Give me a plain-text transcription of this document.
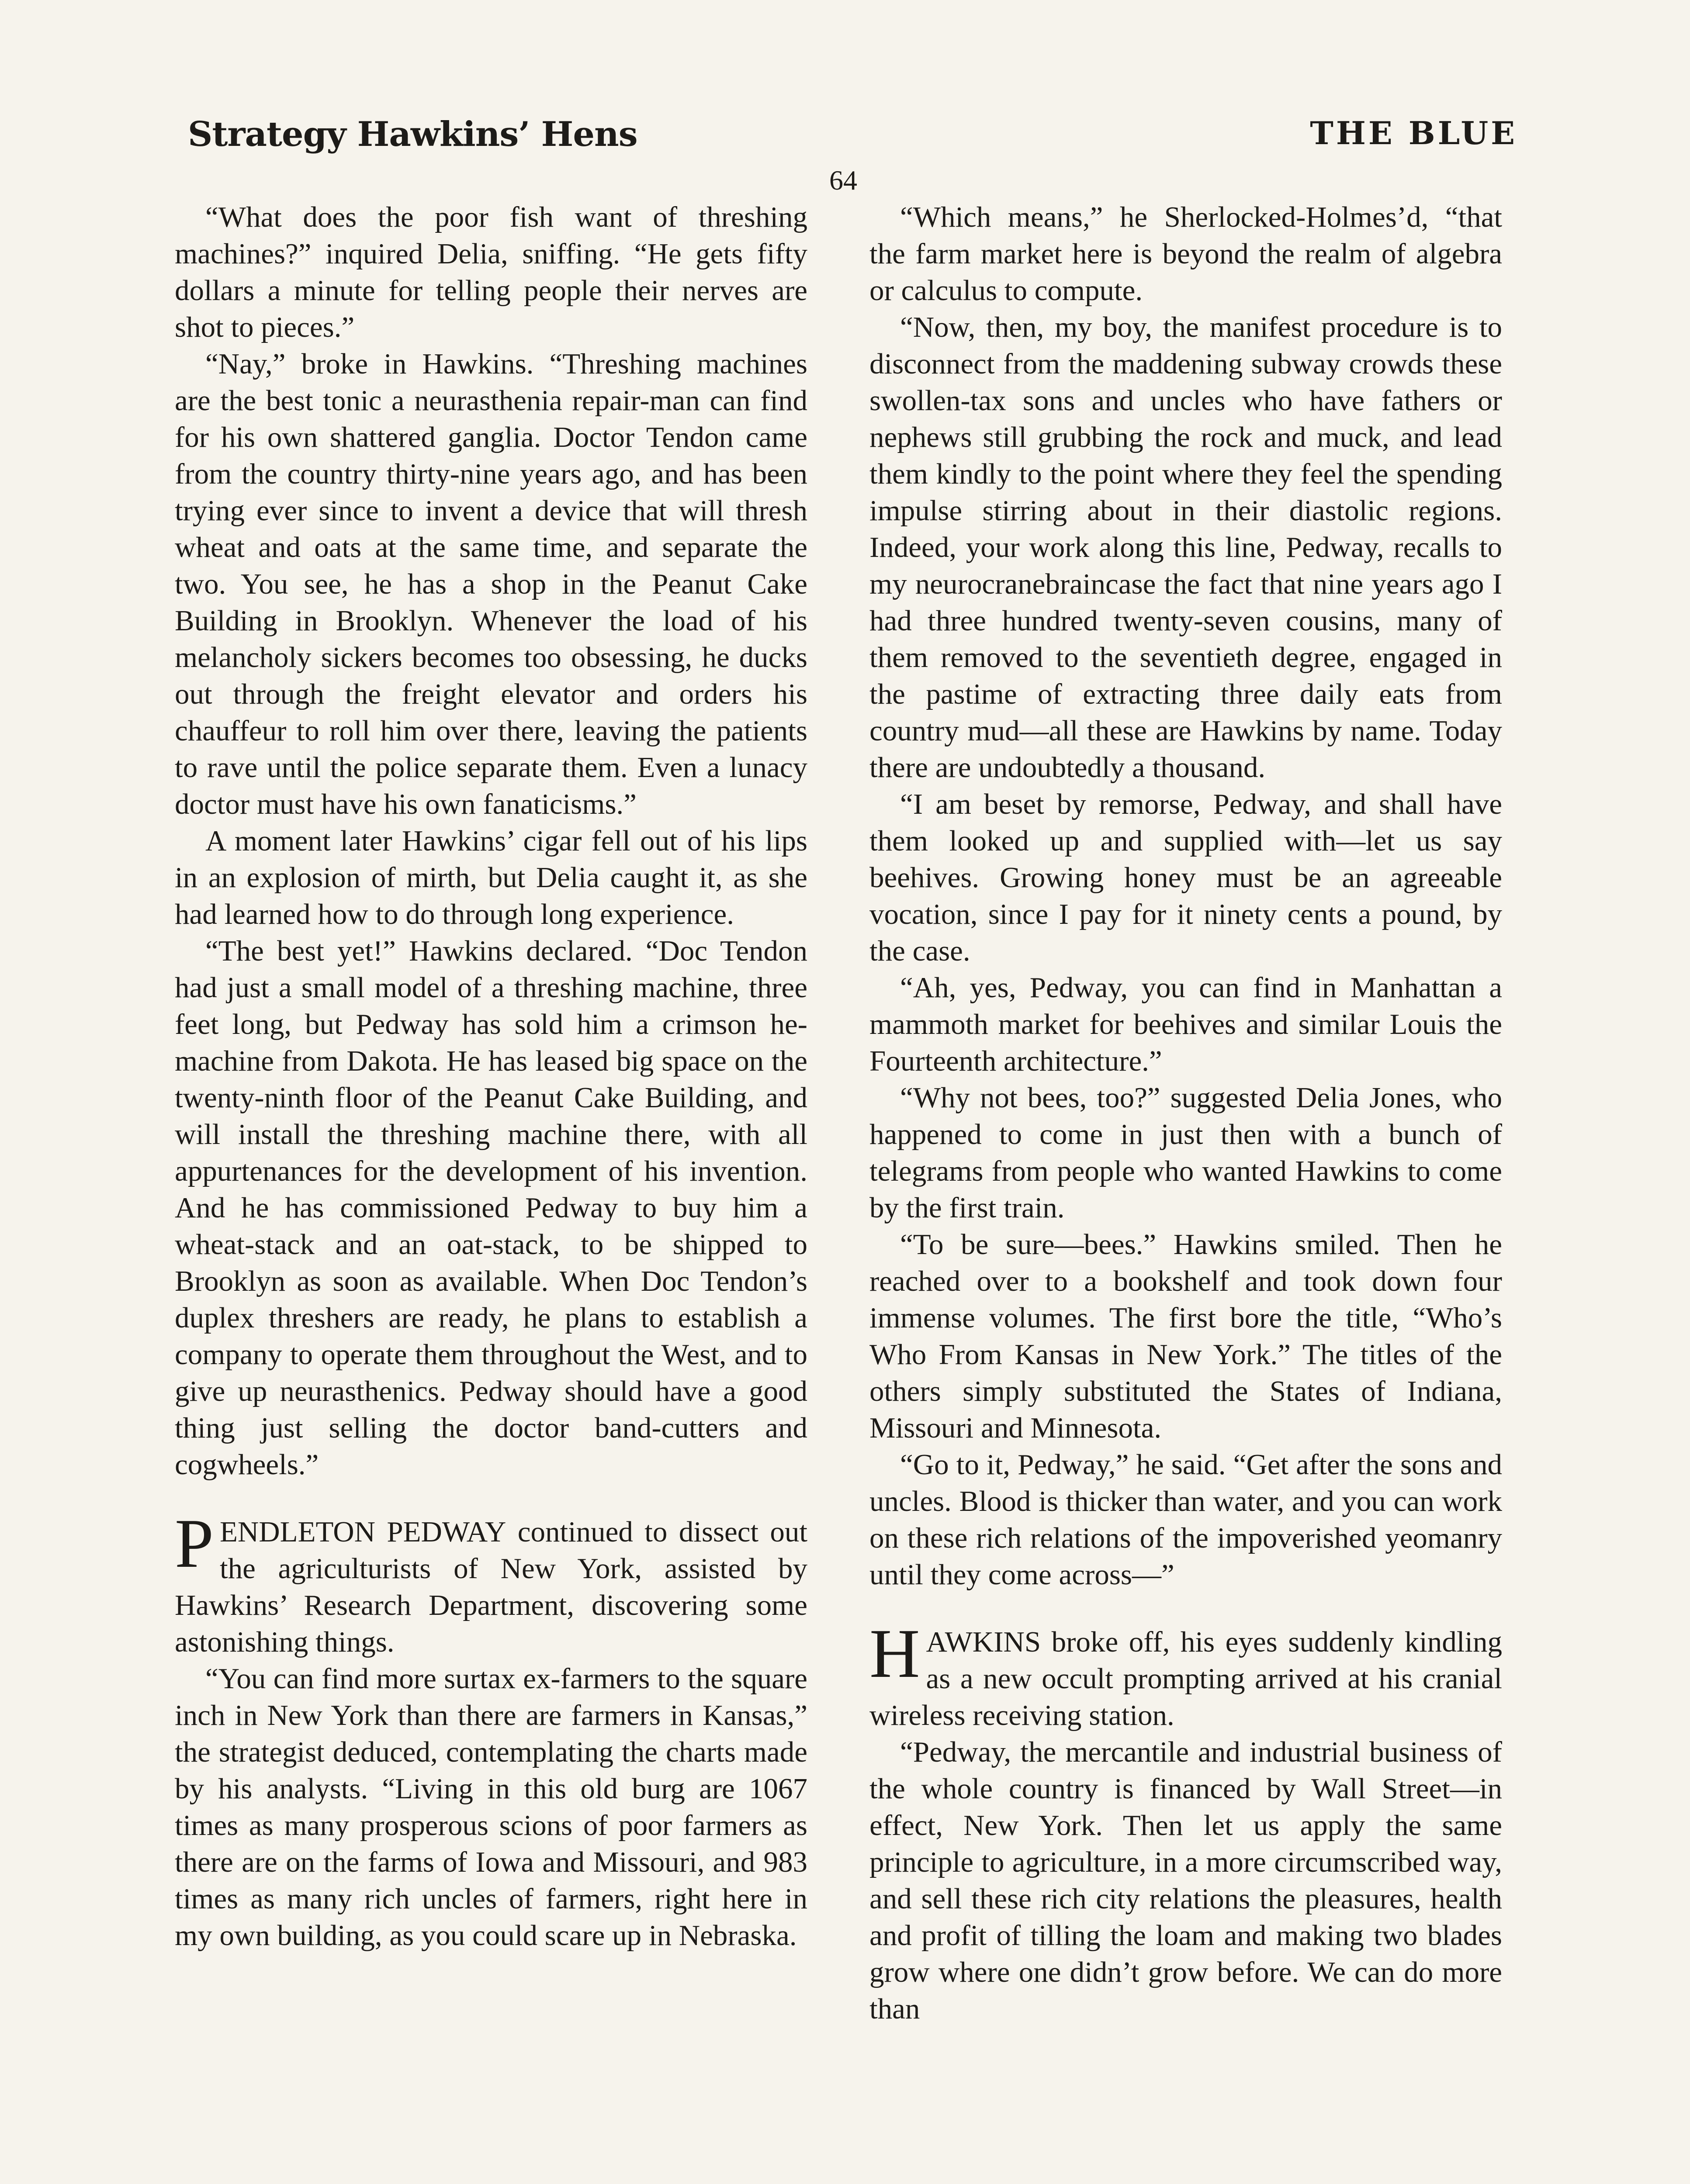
Strategy Hawkins’ Hens	THE BLUE
64

“What does the poor fish want of threshing machines?” inquired Delia, sniffing. “He gets fifty dollars a minute for telling people their nerves are shot to pieces.”

“Nay,” broke in Hawkins. “Threshing machines are the best tonic a neurasthenia repair-man can find for his own shattered ganglia. Doctor Tendon came from the country thirty-nine years ago, and has been trying ever since to invent a device that will thresh wheat and oats at the same time, and separate the two. You see, he has a shop in the Peanut Cake Building in Brooklyn. Whenever the load of his melancholy sickers becomes too obsessing, he ducks out through the freight elevator and orders his chauffeur to roll him over there, leaving the patients to rave until the police separate them. Even a lunacy doctor must have his own fanaticisms.”

A moment later Hawkins’ cigar fell out of his lips in an explosion of mirth, but Delia caught it, as she had learned how to do through long experience.

“The best yet!” Hawkins declared. “Doc Tendon had just a small model of a threshing machine, three feet long, but Pedway has sold him a crimson he-machine from Dakota. He has leased big space on the twenty-ninth floor of the Peanut Cake Building, and will install the threshing machine there, with all appurtenances for the development of his invention. And he has commissioned Pedway to buy him a wheat-stack and an oat-stack, to be shipped to Brooklyn as soon as available. When Doc Tendon’s duplex threshers are ready, he plans to establish a company to operate them throughout the West, and to give up neurasthenics. Pedway should have a good thing just selling the doctor band-cutters and cogwheels.”

PENDLETON PEDWAY continued to dissect out the agriculturists of New York, assisted by Hawkins’ Research Department, discovering some astonishing things.

“You can find more surtax ex-farmers to the square inch in New York than there are farmers in Kansas,” the strategist deduced, contemplating the charts made by his analysts. “Living in this old burg are 1067 times as many prosperous scions of poor farmers as there are on the farms of Iowa and Missouri, and 983 times as many rich uncles of farmers, right here in my own building, as you could scare up in Nebraska.

“Which means,” he Sherlocked-Holmes’d, “that the farm market here is beyond the realm of algebra or calculus to compute.

“Now, then, my boy, the manifest procedure is to disconnect from the maddening subway crowds these swollen-tax sons and uncles who have fathers or nephews still grubbing the rock and muck, and lead them kindly to the point where they feel the spending impulse stirring about in their diastolic regions. Indeed, your work along this line, Pedway, recalls to my neurocranebraincase the fact that nine years ago I had three hundred twenty-seven cousins, many of them removed to the seventieth degree, engaged in the pastime of extracting three daily eats from country mud—all these are Hawkins by name. Today there are undoubtedly a thousand.

“I am beset by remorse, Pedway, and shall have them looked up and supplied with—let us say beehives. Growing honey must be an agreeable vocation, since I pay for it ninety cents a pound, by the case.

“Ah, yes, Pedway, you can find in Manhattan a mammoth market for beehives and similar Louis the Fourteenth architecture.”

“Why not bees, too?” suggested Delia Jones, who happened to come in just then with a bunch of telegrams from people who wanted Hawkins to come by the first train.

“To be sure—bees.” Hawkins smiled. Then he reached over to a bookshelf and took down four immense volumes. The first bore the title, “Who’s Who From Kansas in New York.” The titles of the others simply substituted the States of Indiana, Missouri and Minnesota.

“Go to it, Pedway,” he said. “Get after the sons and uncles. Blood is thicker than water, and you can work on these rich relations of the impoverished yeomanry until they come across—”

HAWKINS broke off, his eyes suddenly kindling as a new occult prompting arrived at his cranial wireless receiving station.

“Pedway, the mercantile and industrial business of the whole country is financed by Wall Street—in effect, New York. Then let us apply the same principle to agriculture, in a more circumscribed way, and sell these rich city relations the pleasures, health and profit of tilling the loam and making two blades grow where one didn’t grow before. We can do more than
